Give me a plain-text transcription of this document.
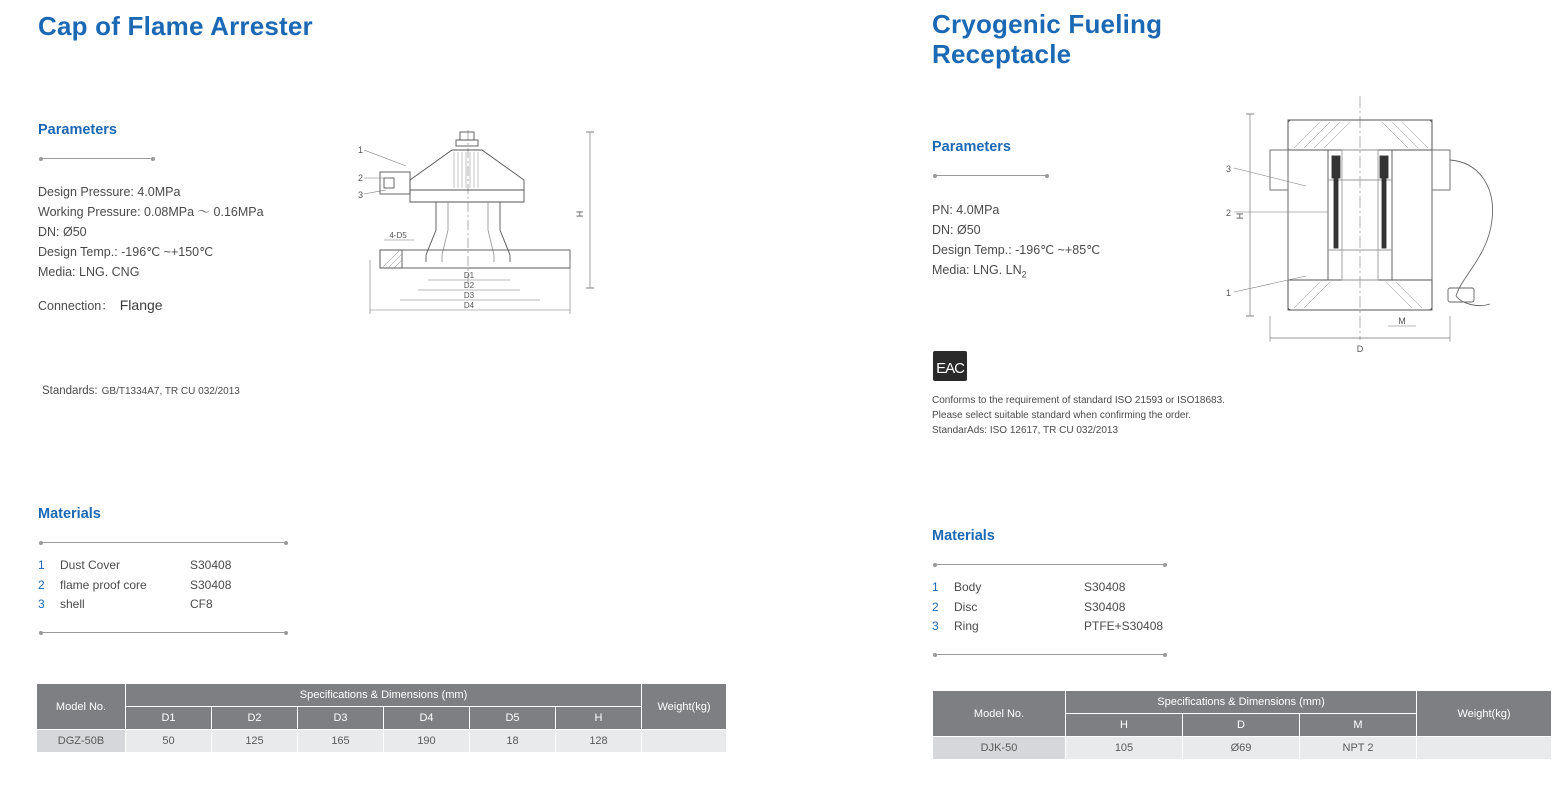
Cap of Flame Arrester
Parameters
Design Pressure: 4.0MPa
Working Pressure: 0.08MPa ～ 0.16MPa
DN: Ø50
Design Temp.: -196℃ ~+150℃
Media: LNG. CNG
Connection： Flange
Standards: GB/T1334A7, TR CU 032/2013
H
D1
D2
D3
D4
4-D5
1
2
3
Materials
1	Dust Cover	S30408
2	flame proof core	S30408
3	shell	CF8
Model No.	Specifications & Dimensions (mm)						Weight(kg)
	D1	D2	D3	D4	D5	H	
DGZ-50B	50	125	165	190	18	128	
Cryogenic Fueling Receptacle
Parameters
PN: 4.0MPa
DN: Ø50
Design Temp.: -196℃ ~+85℃
Media: LNG. $LN_2$
EAC
Conforms to the requirement of standard ISO 21593 or ISO18683.
Please select suitable standard when confirming the order.
StandarAds: ISO 12617, TR CU 032/2013
H
D
M
3
2
1
Materials
1	Body	S30408
2	Disc	S30408
3	Ring	PTFE+S30408
Model No.	Specifications & Dimensions (mm)			Weight(kg)
	H	D	M	
DJK-50	105	Ø69	NPT 2	
